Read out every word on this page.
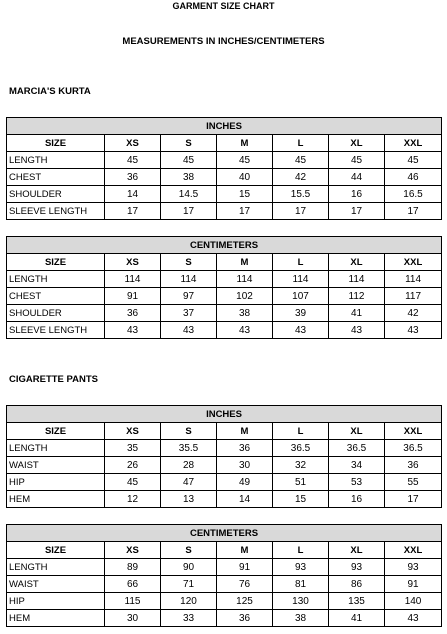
GARMENT SIZE CHART
MEASUREMENTS IN INCHES/CENTIMETERS
MARCIA'S KURTA
INCHES						
SIZE	XS	S	M	L	XL	XXL
LENGTH	45	45	45	45	45	45
CHEST	36	38	40	42	44	46
SHOULDER	14	14.5	15	15.5	16	16.5
SLEEVE LENGTH	17	17	17	17	17	17
CENTIMETERS						
SIZE	XS	S	M	L	XL	XXL
LENGTH	114	114	114	114	114	114
CHEST	91	97	102	107	112	117
SHOULDER	36	37	38	39	41	42
SLEEVE LENGTH	43	43	43	43	43	43
CIGARETTE PANTS
INCHES						
SIZE	XS	S	M	L	XL	XXL
LENGTH	35	35.5	36	36.5	36.5	36.5
WAIST	26	28	30	32	34	36
HIP	45	47	49	51	53	55
HEM	12	13	14	15	16	17
CENTIMETERS						
SIZE	XS	S	M	L	XL	XXL
LENGTH	89	90	91	93	93	93
WAIST	66	71	76	81	86	91
HIP	115	120	125	130	135	140
HEM	30	33	36	38	41	43
